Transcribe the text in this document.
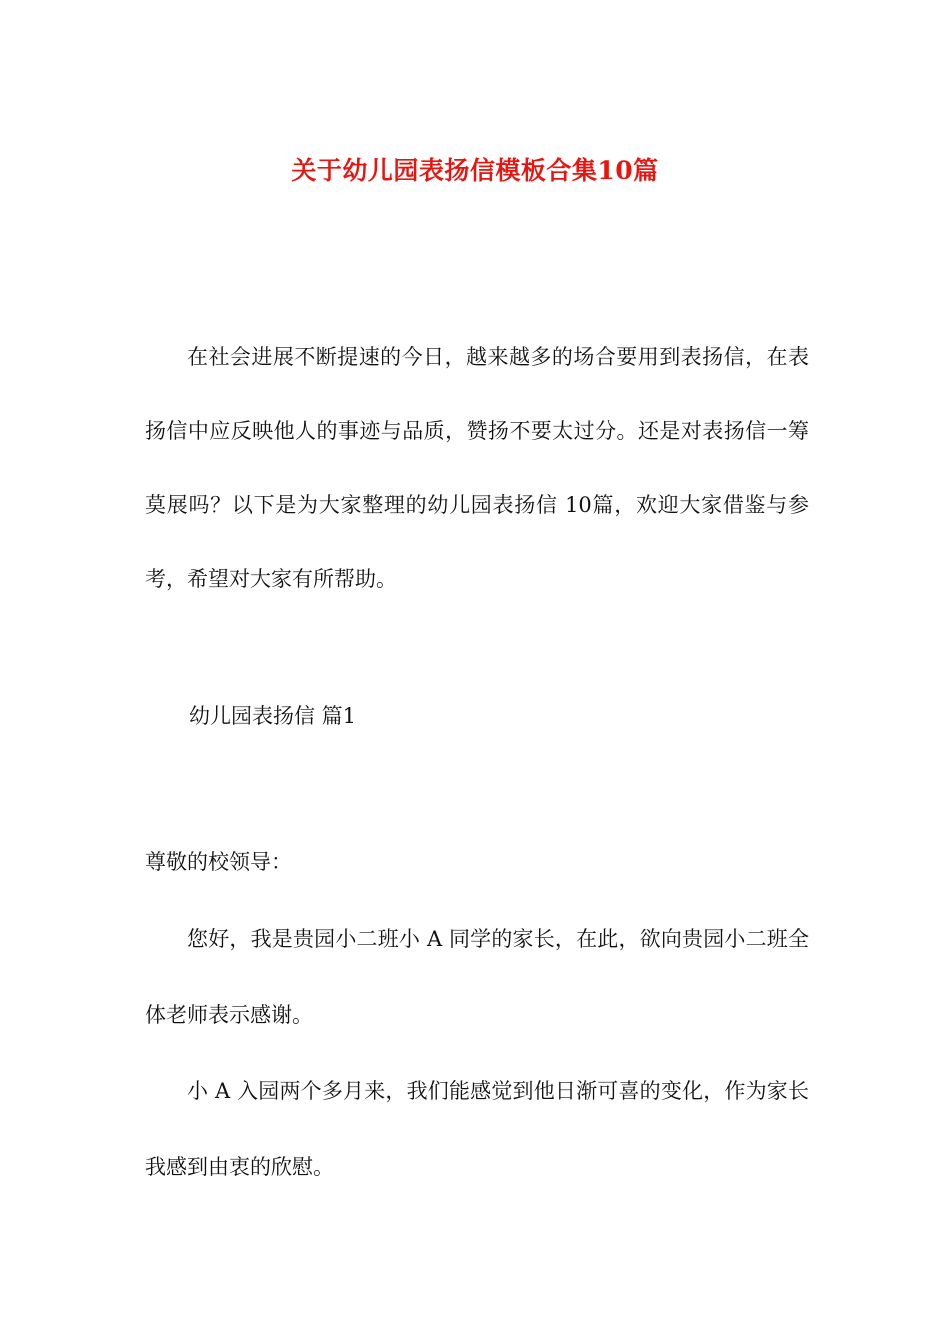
关于幼儿园表扬信模板合集10篇

在社会进展不断提速的今日，越来越多的场合要用到表扬信，在表扬信中应反映他人的事迹与品质，赞扬不要太过分。还是对表扬信一筹莫展吗？以下是为大家整理的幼儿园表扬信 10篇，欢迎大家借鉴与参考，希望对大家有所帮助。

幼儿园表扬信 篇1

尊敬的校领导：

您好，我是贵园小二班小 A 同学的家长，在此，欲向贵园小二班全体老师表示感谢。

小 A 入园两个多月来，我们能感觉到他日渐可喜的变化，作为家长我感到由衷的欣慰。
